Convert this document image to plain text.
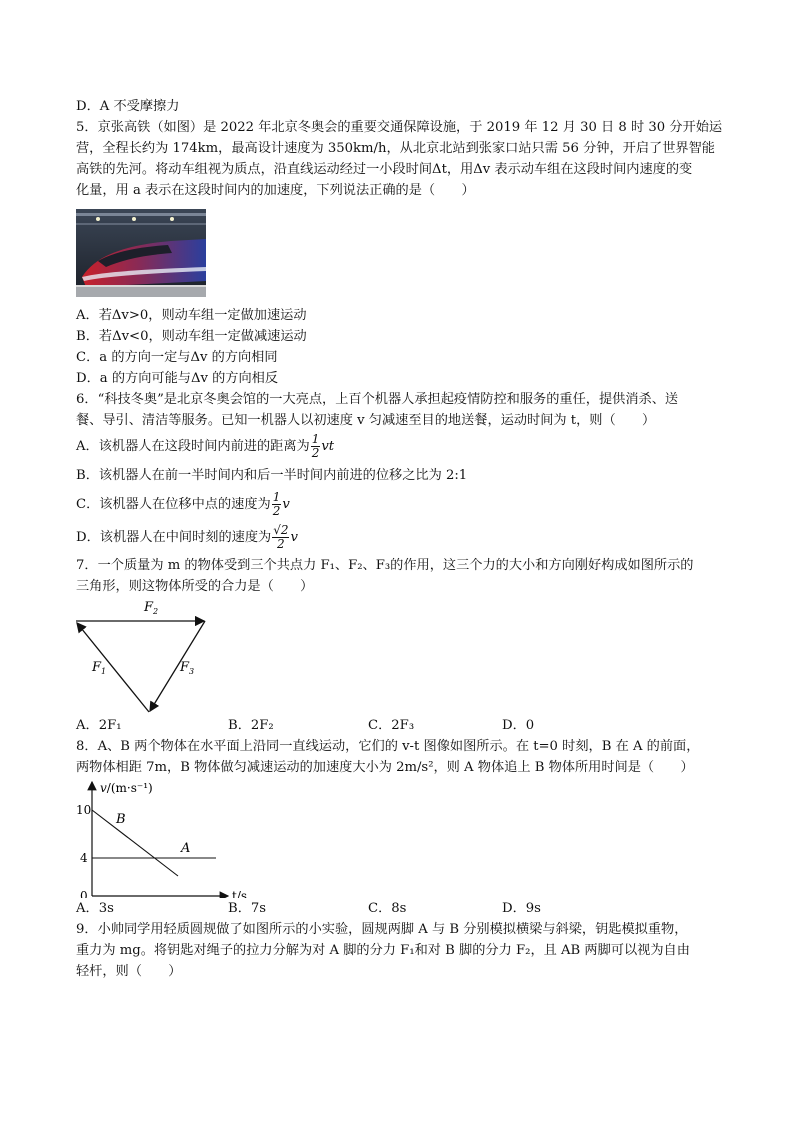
D．A 不受摩擦力
5．京张高铁（如图）是 2022 年北京冬奥会的重要交通保障设施，于 2019 年 12 月 30 日 8 时 30 分开始运
营，全程长约为 174km，最高设计速度为 350km/h，从北京北站到张家口站只需 56 分钟，开启了世界智能
高铁的先河。将动车组视为质点，沿直线运动经过一小段时间Δt，用Δv 表示动车组在这段时间内速度的变
化量，用 a 表示在这段时间内的加速度，下列说法正确的是（　　）
A．若Δv>0，则动车组一定做加速运动
B．若Δv<0，则动车组一定做减速运动
C．a 的方向一定与Δv 的方向相同
D．a 的方向可能与Δv 的方向相反
6．“科技冬奥”是北京冬奥会馆的一大亮点，上百个机器人承担起疫情防控和服务的重任，提供消杀、送
餐、导引、清洁等服务。已知一机器人以初速度 v 匀减速至目的地送餐，运动时间为 t，则（　　）
A．该机器人在这段时间内前进的距离为 $\frac{1}{2}$ vt
B．该机器人在前一半时间内和后一半时间内前进的位移之比为 2:1
C．该机器人在位移中点的速度为 $\frac{1}{2}$ v
D．该机器人在中间时刻的速度为 $\frac{√2}{2}$ v
7．一个质量为 m 的物体受到三个共点力 F₁、F₂、F₃的作用，这三个力的大小和方向刚好构成如图所示的
三角形，则这物体所受的合力是（　　）
$F_2$
$F_1$	$F_3$
A．2F₁	B．2F₂	C．2F₃	D．0
8．A、B 两个物体在水平面上沿同一直线运动，它们的 v-t 图像如图所示。在 t=0 时刻，B 在 A 的前面，
两物体相距 7m，B 物体做匀减速运动的加速度大小为 2m/s²，则 A 物体追上 B 物体所用时间是（　　）
v/(m·s⁻¹)
t/s
10
4
0
B
A
A．3s	B．7s	C．8s	D．9s
9．小帅同学用轻质圆规做了如图所示的小实验，圆规两脚 A 与 B 分别模拟横梁与斜梁，钥匙模拟重物，
重力为 mg。将钥匙对绳子的拉力分解为对 A 脚的分力 F₁和对 B 脚的分力 F₂，且 AB 两脚可以视为自由
轻杆，则（　　）
